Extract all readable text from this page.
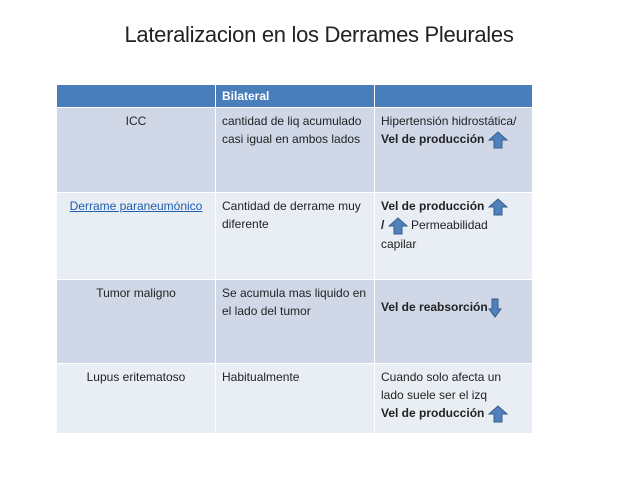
Lateralizacion en los Derrames Pleurales
	Bilateral	
ICC	cantidad de liq acumulado casi igual en ambos lados	Hipertensión hidrostática/ Vel de producción
Derrame paraneumónico	Cantidad de derrame muy diferente	Vel de producción
/  Permeabilidad capilar
Tumor maligno	Se acumula mas liquido en el lado del tumor	Vel de reabsorción

Lupus eritematoso	Habitualmente	Cuando solo afecta un lado suele ser el izq
Vel de producción
